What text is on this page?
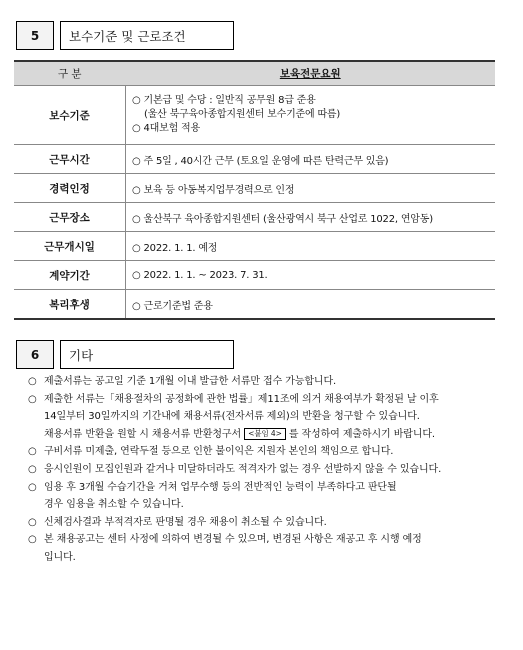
5	보수기준 및 근로조건
구 분	보육전문요원
보수기준	○ 기본급 및 수당 : 일반직 공무원 8급 준용
(울산 북구육아종합지원센터 보수기준에 따름)
○ 4대보험 적용

근무시간	○ 주 5일 , 40시간 근무 (토요일 운영에 따른 탄력근무 있음)
경력인정	○ 보육 등 아동복지업무경력으로 인정
근무장소	○ 울산북구 육아종합지원센터 (울산광역시 북구 산업로 1022, 연암동)
근무개시일	○ 2022. 1. 1. 예정
계약기간	○ 2022. 1. 1. ~ 2023. 7. 31.
복리후생	○ 근로기준법 준용
6	기타
○ 제출서류는 공고일 기준 1개월 이내 발급한 서류만 접수 가능합니다.
○ 제출한 서류는「채용절차의 공정화에 관한 법률」제11조에 의거 채용여부가 확정된 날 이후
14일부터 30일까지의 기간내에 채용서류(전자서류 제외)의 반환을 청구할 수 있습니다.
채용서류 반환을 원할 시 채용서류 반환청구서 <붙임 4> 를 작성하여 제출하시기 바랍니다.
○ 구비서류 미제출, 연락두절 등으로 인한 불이익은 지원자 본인의 책임으로 합니다.
○ 응시인원이 모집인원과 같거나 미달하더라도 적격자가 없는 경우 선발하지 않을 수 있습니다.
○ 임용 후 3개월 수습기간을 거쳐 업무수행 등의 전반적인 능력이 부족하다고 판단될
경우 임용을 취소할 수 있습니다.
○ 신체검사결과 부적격자로 판명될 경우 채용이 취소될 수 있습니다.
○ 본 채용공고는 센터 사정에 의하여 변경될 수 있으며, 변경된 사항은 재공고 후 시행 예정
입니다.
